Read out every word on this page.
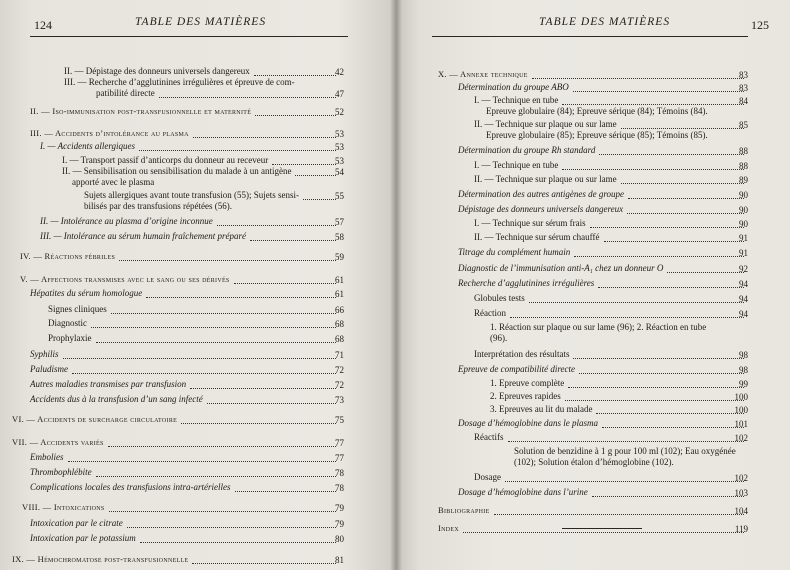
124	TABLE DES MATIÈRES
II. — Dépistage des donneurs universels dangereux	42
III. — Recherche d’agglutinines irrégulières et épreuve de com-
patibilité directe	47
II. — Iso-immunisation post-transfusionnelle et maternité	52
III. — Accidents d’intolérance au plasma	53
I. — Accidents allergiques	53
I. — Transport passif d’anticorps du donneur au receveur	53
II. — Sensibilisation ou sensibilisation du malade à un antigène	54
apporté avec le plasma
Sujets allergiques avant toute transfusion (55); Sujets sensi-	55
bilisés par des transfusions répétées (56).
II. — Intolérance au plasma d’origine inconnue	57
III. — Intolérance au sérum humain fraîchement préparé	58
IV. — Réactions fébriles	59
V. — Affections transmises avec le sang ou ses dérivés	61
Hépatites du sérum homologue	61
Signes cliniques	66
Diagnostic	68
Prophylaxie	68
Syphilis	71
Paludisme	72
Autres maladies transmises par transfusion	72
Accidents dus à la transfusion d’un sang infecté	73
VI. — Accidents de surcharge circulatoire	75
VII. — Accidents variés	77
Embolies	77
Thrombophlébite	78
Complications locales des transfusions intra-artérielles	78
VIII. — Intoxications	79
Intoxication par le citrate	79
Intoxication par le potassium	80
IX. — Hémochromatose post-transfusionnelle	81
TABLE DES MATIÈRES	125
X. — Annexe technique	83
Détermination du groupe ABO	83
I. — Technique en tube	84
Epreuve globulaire (84); Epreuve sérique (84); Témoins (84).
II. — Technique sur plaque ou sur lame	85
Epreuve globulaire (85); Epreuve sérique (85); Témoins (85).
Détermination du groupe Rh standard	88
I. — Technique en tube	88
II. — Technique sur plaque ou sur lame	89
Détermination des autres antigènes de groupe	90
Dépistage des donneurs universels dangereux	90
I. — Technique sur sérum frais	90
II. — Technique sur sérum chauffé	91
Titrage du complément humain	91
Diagnostic de l’immunisation anti-A₁ chez un donneur O	92
Recherche d’agglutinines irrégulières	94
Globules tests	94
Réaction	94
1. Réaction sur plaque ou sur lame (96); 2. Réaction en tube
(96).
Interprétation des résultats	98
Epreuve de compatibilité directe	98
1. Epreuve complète	99
2. Epreuves rapides	100
3. Epreuves au lit du malade	100
Dosage d’hémoglobine dans le plasma	101
Réactifs	102
Solution de benzidine à 1 g pour 100 ml (102); Eau oxygénée
(102); Solution étalon d’hémoglobine (102).
Dosage	102
Dosage d’hémoglobine dans l’urine	103
Bibliographie	104
Index	119
